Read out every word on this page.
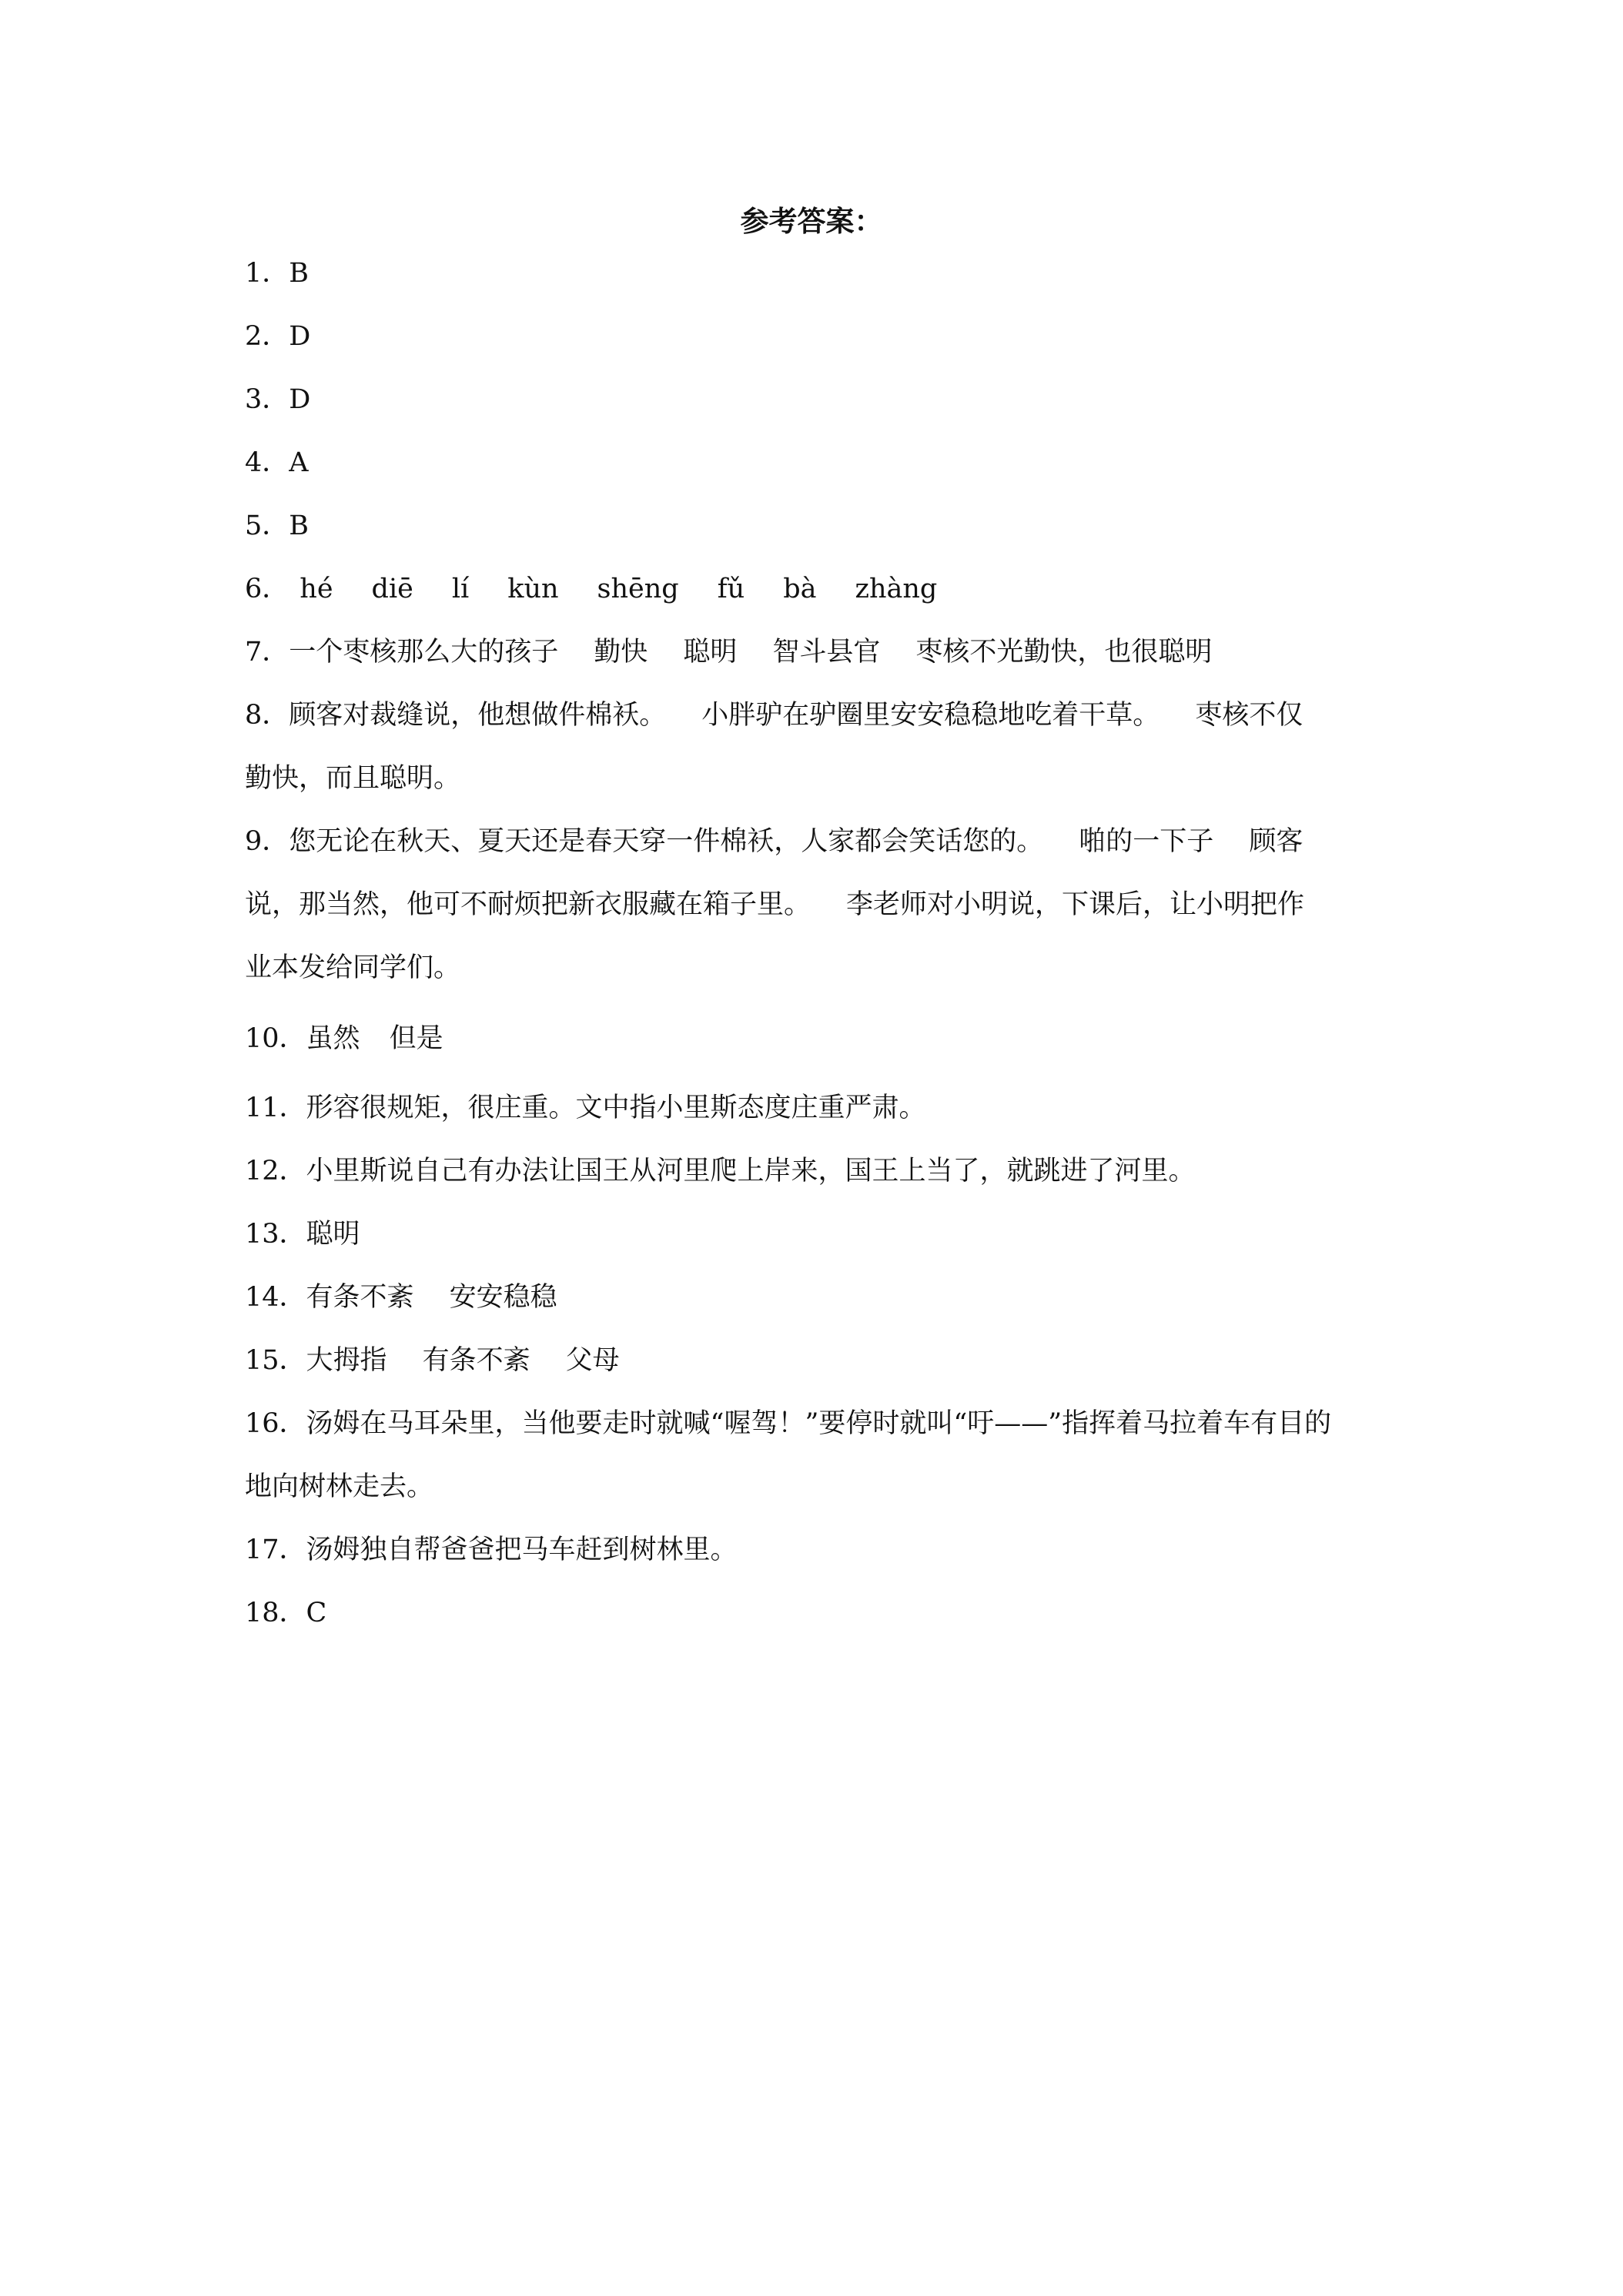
参考答案：
1．B
2．D
3．D
4．A
5．B
6． hé diē lí kùn shēng fǔ bà zhàng
7．一个枣核那么大的孩子 勤快 聪明 智斗县官 枣核不光勤快，也很聪明
8．顾客对裁缝说，他想做件棉袄。 小胖驴在驴圈里安安稳稳地吃着干草。 枣核不仅
勤快，而且聪明。
9．您无论在秋天、夏天还是春天穿一件棉袄，人家都会笑话您的。 啪的一下子 顾客
说，那当然，他可不耐烦把新衣服藏在箱子里。 李老师对小明说，下课后，让小明把作
业本发给同学们。
10．虽然 但是
11．形容很规矩，很庄重。文中指小里斯态度庄重严肃。
12．小里斯说自己有办法让国王从河里爬上岸来，国王上当了，就跳进了河里。
13．聪明
14．有条不紊 安安稳稳
15．大拇指 有条不紊 父母
16．汤姆在马耳朵里，当他要走时就喊“喔驾！”要停时就叫“吁——”指挥着马拉着车有目的
地向树林走去。
17．汤姆独自帮爸爸把马车赶到树林里。
18．C
